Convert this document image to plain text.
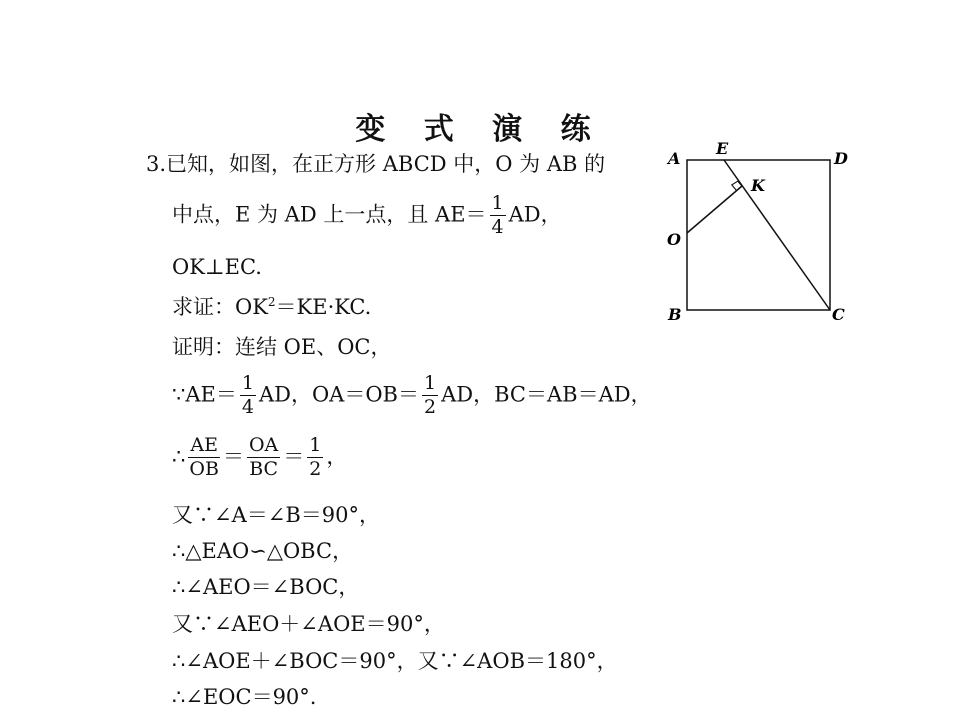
变 式 演 练
3.已知，如图，在正方形 ABCD 中，O 为 AB 的
中点，E 为 AD 上一点，且 $AE= \frac{1}{4}$ AD，
OK⊥EC.
求证：$OK^2=KE\cdot KC$.
证明：连结 OE、OC，
∵AE＝ $\frac{1}{4}$ AD，$OA=OB= \frac{1}{2}$ AD，BC＝AB＝AD，
∴ $\frac{AE}{OB} = \frac{OA}{BC} = \frac{1}{2}$ ，
又∵∠A＝∠B＝90°，
∴△EAO∽△OBC，
∴∠AEO＝∠BOC，
又∵∠AEO＋∠AOE＝90°，
∴∠AOE＋∠BOC＝90°，又∵∠AOB＝180°，
∴∠EOC＝90°.
A
E
D
K
O
B	C
